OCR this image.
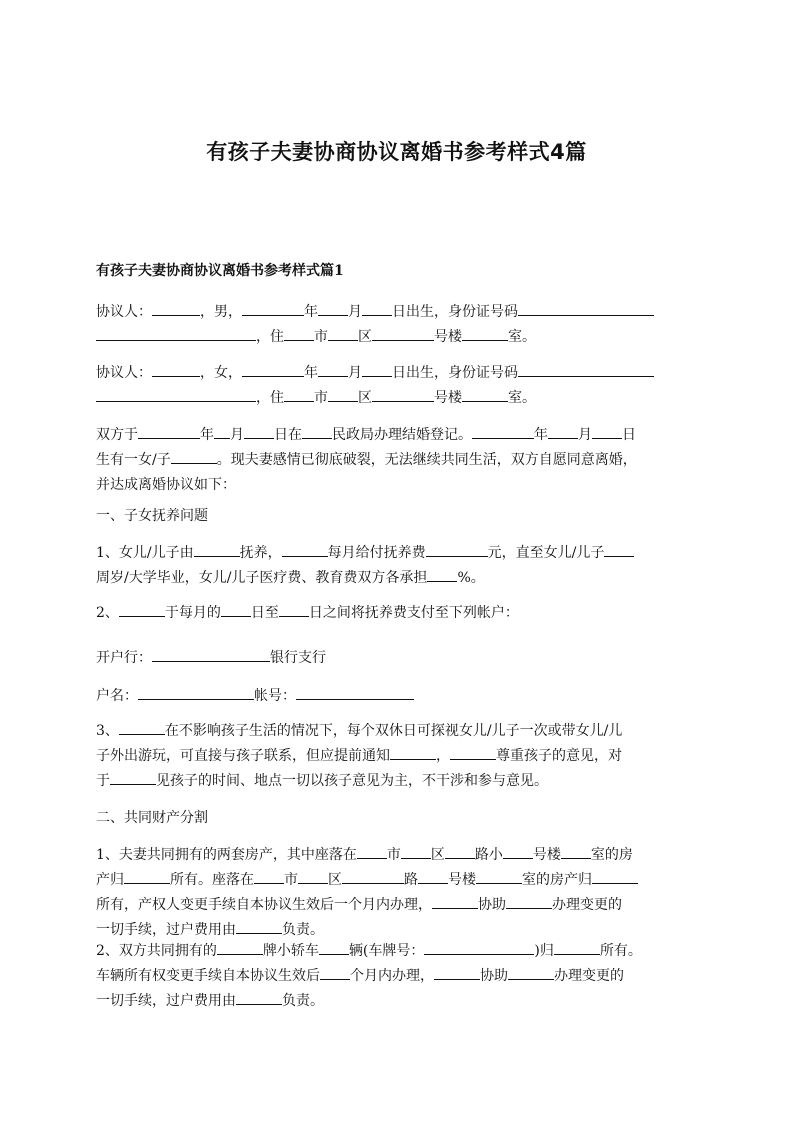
有孩子夫妻协商协议离婚书参考样式4篇
有孩子夫妻协商协议离婚书参考样式篇1
协议人：	，男，	年 月 日出生，身份证号码
，住 市 区	号楼	室。
协议人：	，女，	年 月 日出生，身份证号码
，住 市 区	号楼	室。
双方于	年 月 日在 民政局办理结婚登记。	年 月 日
生有一女/子	。现夫妻感情已彻底破裂，无法继续共同生活，双方自愿同意离婚，
并达成离婚协议如下：
一、子女抚养问题
1、女儿/儿子由	抚养，	每月给付抚养费	元，直至女儿/儿子
周岁/大学毕业，女儿/儿子医疗费、教育费双方各承担 %。
2、	于每月的 日至 日之间将抚养费支付至下列帐户：
开户行：	银行支行
户名：	帐号：
3、	在不影响孩子生活的情况下，每个双休日可探视女儿/儿子一次或带女儿/儿
子外出游玩，可直接与孩子联系，但应提前通知	，	尊重孩子的意见，对
于	见孩子的时间、地点一切以孩子意见为主，不干涉和参与意见。
二、共同财产分割
1、夫妻共同拥有的两套房产，其中座落在 市 区 路小 号楼 室的房
产归	所有。座落在 市 区	路 号楼	室的房产归
所有，产权人变更手续自本协议生效后一个月内办理，	协助	办理变更的
一切手续，过户费用由	负责。
2、双方共同拥有的	牌小轿车 辆(车牌号：	)归	所有。
车辆所有权变更手续自本协议生效后 个月内办理，	协助	办理变更的
一切手续，过户费用由	负责。
